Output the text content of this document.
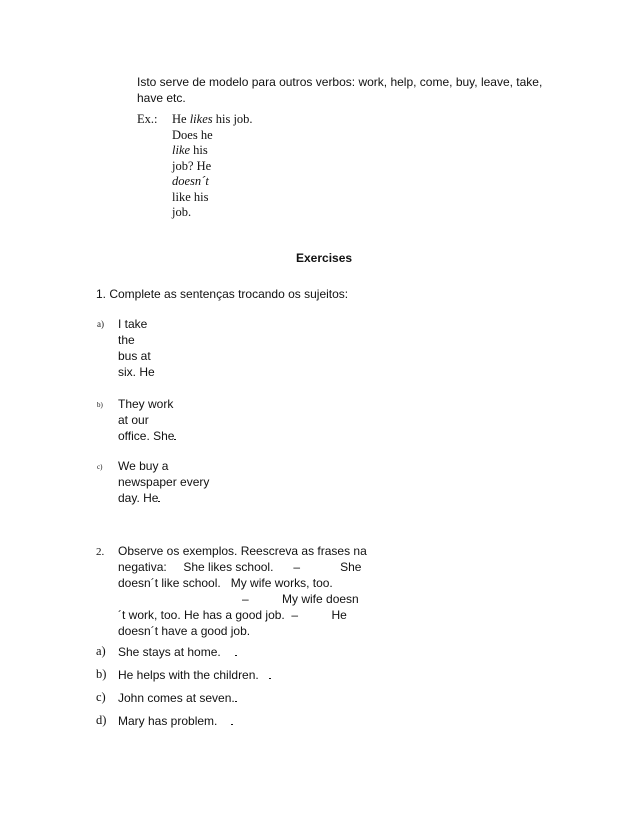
Isto serve de modelo para outros verbos: work, help, come, buy, leave, take,
have etc.
Ex.: He likes his job.
Does he
like his
job? He
doesn´t
like his
job.
Exercises
1. Complete as sentenças trocando os sujeitos:
a) I take
the
bus at
six. He
b) They work
at our
office. She
c) We buy a
newspaper every
day. He
2. Observe os exemplos. Reescreva as frases na
negativa:     She likes school.      –            She
doesn´t like school.   My wife works, too.
–          My wife doesn
´t work, too. He has a good job.  –          He
doesn´t have a good job.
a) She stays at home.
b) He helps with the children.
c) John comes at seven.
d) Mary has problem.
